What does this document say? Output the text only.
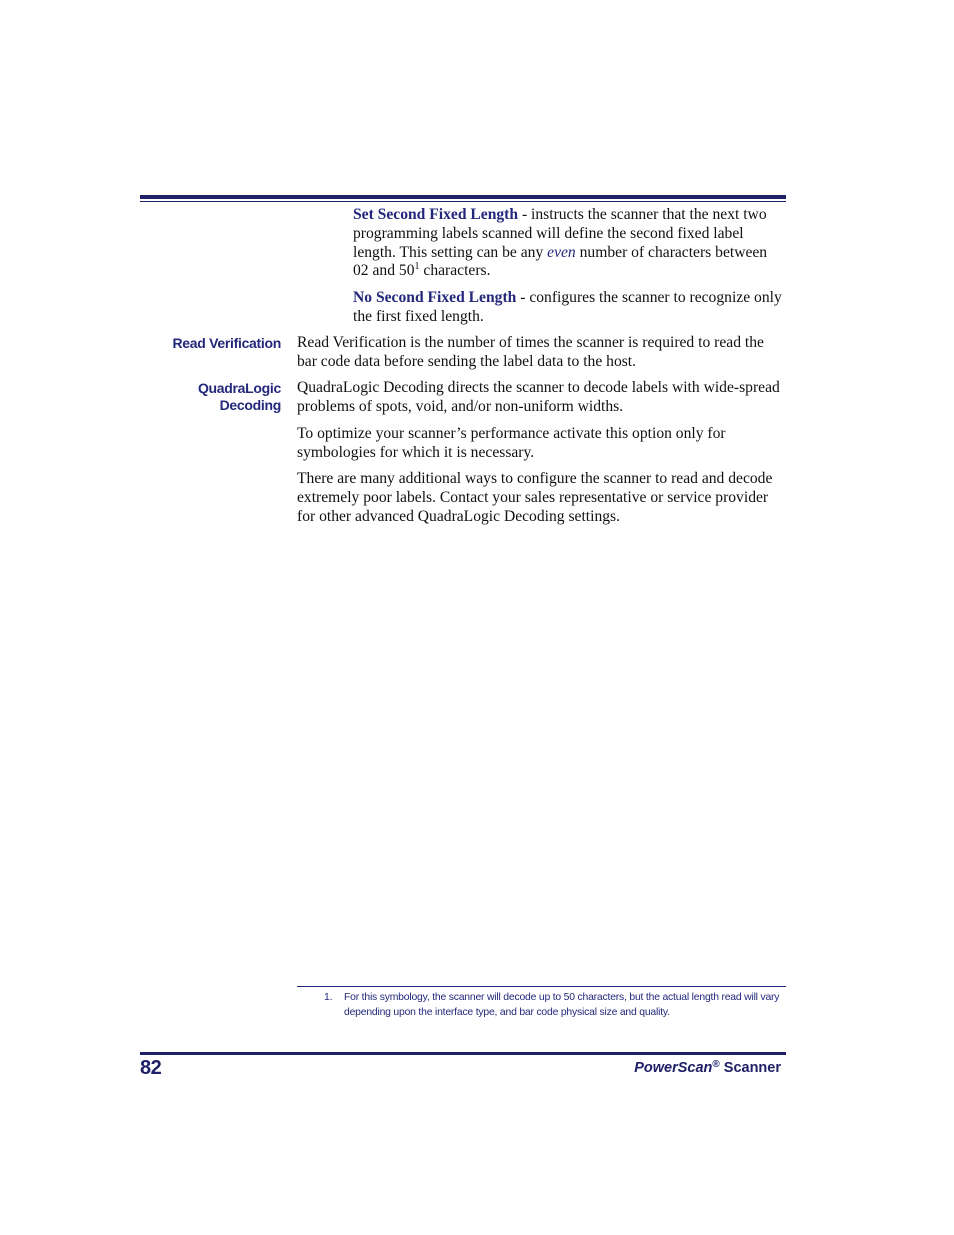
Set Second Fixed Length - instructs the scanner that the next two programming labels scanned will define the second fixed label length. This setting can be any even number of characters between 02 and $50^1$ characters.

No Second Fixed Length - configures the scanner to recognize only the first fixed length.

Read Verification Read Verification is the number of times the scanner is required to read the bar code data before sending the label data to the host.

QuadraLogic
Decoding

QuadraLogic Decoding directs the scanner to decode labels with wide-spread problems of spots, void, and/or non-uniform widths.

To optimize your scanner’s performance activate this option only for symbologies for which it is necessary.

There are many additional ways to configure the scanner to read and decode extremely poor labels. Contact your sales representative or service provider for other advanced QuadraLogic Decoding settings.

1. For this symbology, the scanner will decode up to 50 characters, but the actual length read will vary depending upon the interface type, and bar code physical size and quality.
82	PowerScan® Scanner
